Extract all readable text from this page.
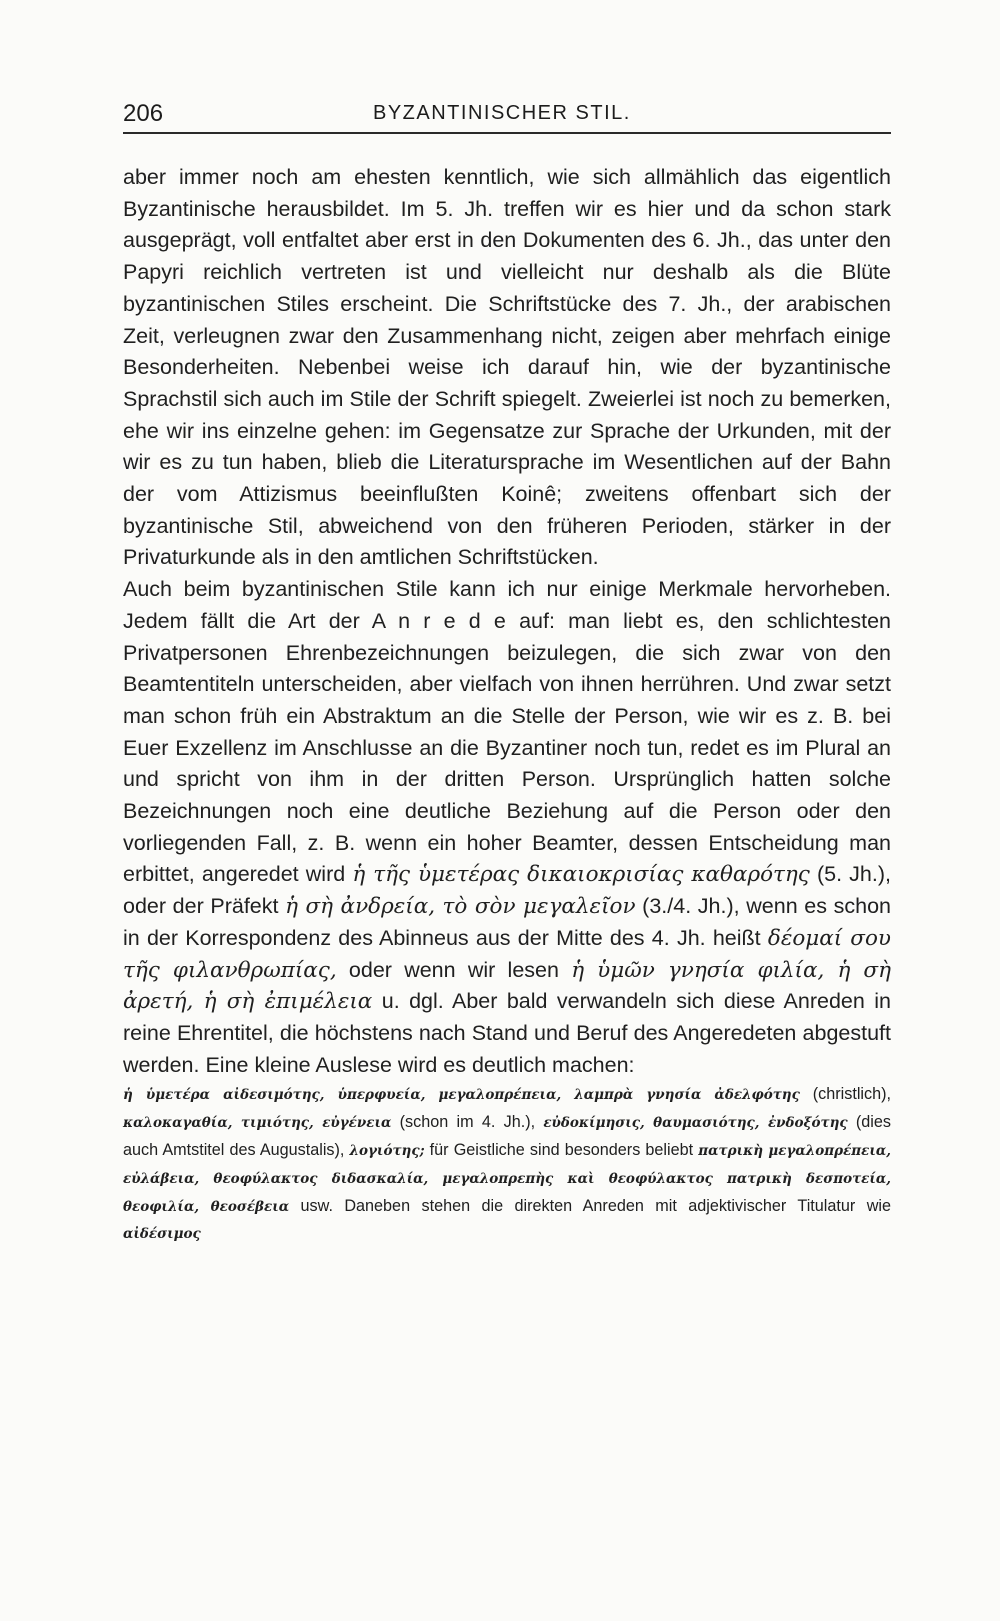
206	BYZANTINISCHER STIL.

aber immer noch am ehesten kenntlich, wie sich allmählich das eigentlich Byzantinische herausbildet. Im 5. Jh. treffen wir es hier und da schon stark ausgeprägt, voll entfaltet aber erst in den Dokumenten des 6. Jh., das unter den Papyri reichlich vertreten ist und vielleicht nur deshalb als die Blüte byzantinischen Stiles erscheint. Die Schriftstücke des 7. Jh., der arabischen Zeit, verleugnen zwar den Zusammenhang nicht, zeigen aber mehrfach einige Besonderheiten. Nebenbei weise ich darauf hin, wie der byzantinische Sprachstil sich auch im Stile der Schrift spiegelt. Zweierlei ist noch zu bemerken, ehe wir ins einzelne gehen: im Gegensatze zur Sprache der Urkunden, mit der wir es zu tun haben, blieb die Literatursprache im Wesentlichen auf der Bahn der vom Attizismus beeinflußten Koinê; zweitens offenbart sich der byzantinische Stil, abweichend von den früheren Perioden, stärker in der Privaturkunde als in den amtlichen Schriftstücken.

Auch beim byzantinischen Stile kann ich nur einige Merkmale hervorheben. Jedem fällt die Art der A n r e d e auf: man liebt es, den schlichtesten Privatpersonen Ehrenbezeichnungen beizulegen, die sich zwar von den Beamtentiteln unterscheiden, aber vielfach von ihnen herrühren. Und zwar setzt man schon früh ein Abstraktum an die Stelle der Person, wie wir es z. B. bei Euer Exzellenz im Anschlusse an die Byzantiner noch tun, redet es im Plural an und spricht von ihm in der dritten Person. Ursprünglich hatten solche Bezeichnungen noch eine deutliche Beziehung auf die Person oder den vorliegenden Fall, z. B. wenn ein hoher Beamter, dessen Entscheidung man erbittet, angeredet wird ἡ τῆς ὑμετέρας δικαιοκρισίας καθαρότης (5. Jh.), oder der Präfekt ἡ σὴ ἀνδρεία, τὸ σὸν μεγαλεῖον (3./4. Jh.), wenn es schon in der Korrespondenz des Abinneus aus der Mitte des 4. Jh. heißt δέομαί σου τῆς φιλανθρωπίας, oder wenn wir lesen ἡ ὑμῶν γνησία φιλία, ἡ σὴ ἀρετή, ἡ σὴ ἐπιμέλεια u. dgl. Aber bald verwandeln sich diese Anreden in reine Ehrentitel, die höchstens nach Stand und Beruf des Angeredeten abgestuft werden. Eine kleine Auslese wird es deutlich machen:

ἡ ὑμετέρα αἰδεσιμότης, ὑπερφυεία, μεγαλοπρέπεια, λαμπρὰ γνησία ἀδελφότης (christlich), καλοκαγαθία, τιμιότης, εὐγένεια (schon im 4. Jh.), εὐδοκίμησις, θαυμασιότης, ἐνδοξότης (dies auch Amtstitel des Augustalis), λογιότης; für Geistliche sind besonders beliebt πατρικὴ μεγαλοπρέπεια, εὐλάβεια, θεοφύλακτος διδασκαλία, μεγαλοπρεπὴς καὶ θεοφύλακτος πατρικὴ δεσποτεία, θεοφιλία, θεοσέβεια usw. Daneben stehen die direkten Anreden mit adjektivischer Titulatur wie αἰδέσιμος
